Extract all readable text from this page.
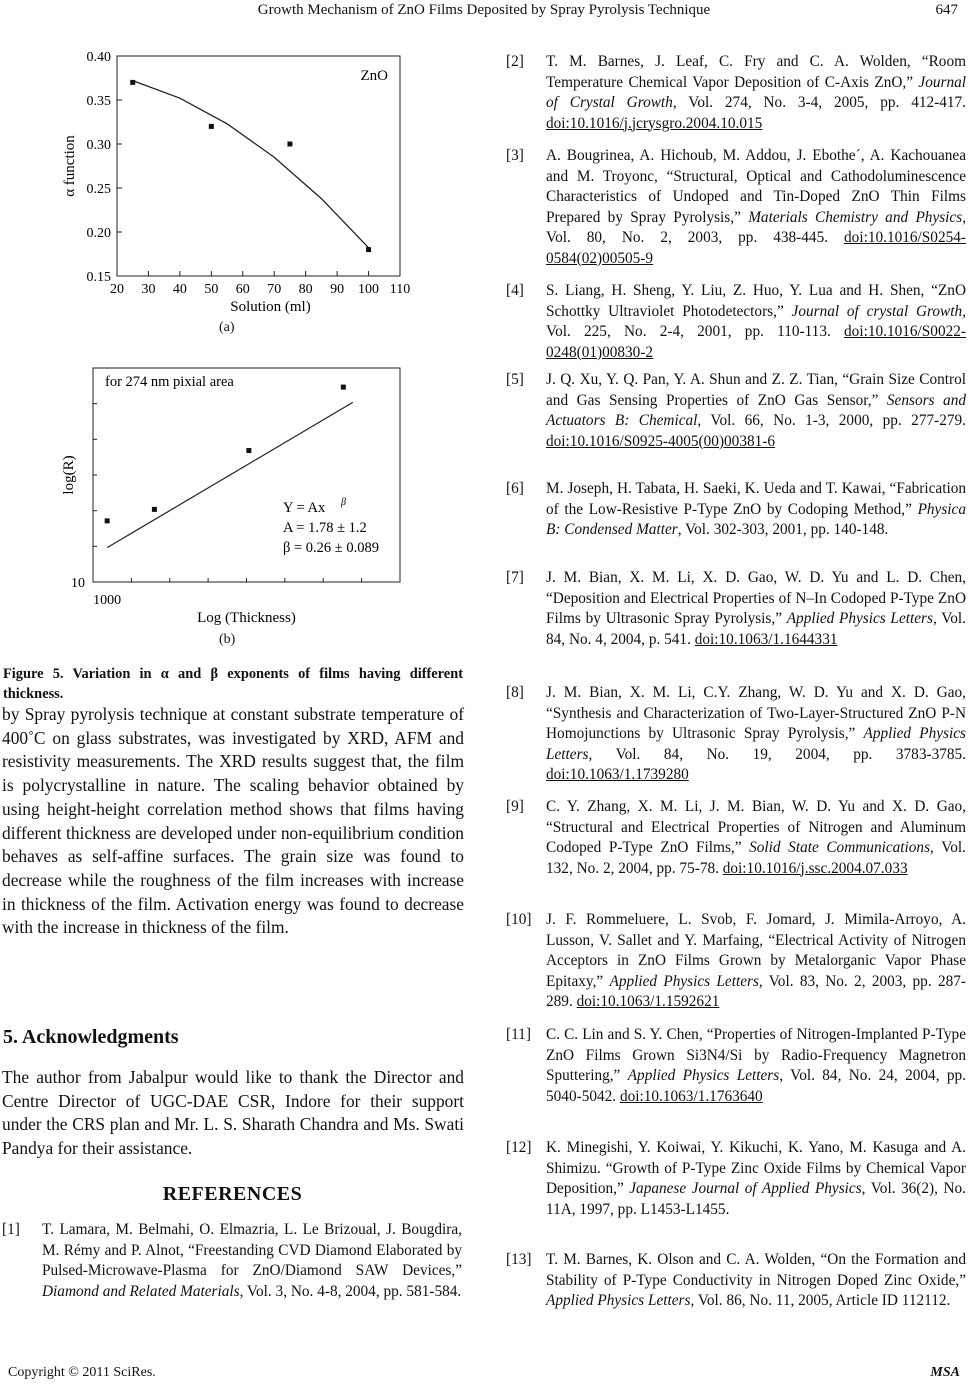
Growth Mechanism of ZnO Films Deposited by Spray Pyrolysis Technique	647
0.15
0.20
0.25
0.30
0.35
0.40
20 30 40 50 60 70 80 90 100 110
Solution (ml)
α function
ZnO
(a)
10
1000
Log (Thickness)
log(R)
for 274 nm pixial area
Y = Ax β
A = 1.78 ± 1.2
β = 0.26 ± 0.089
(b)
Figure 5. Variation in α and β exponents of films having different thickness.

by Spray pyrolysis technique at constant substrate temperature of 400˚C on glass substrates, was investigated by XRD, AFM and resistivity measurements. The XRD results suggest that, the film is polycrystalline in nature. The scaling behavior obtained by using height-height correlation method shows that films having different thickness are developed under non-equilibrium condition behaves as self-affine surfaces. The grain size was found to decrease while the roughness of the film increases with increase in thickness of the film. Activation energy was found to decrease with the increase in thickness of the film.

5. Acknowledgments
The author from Jabalpur would like to thank the Director and Centre Director of UGC-DAE CSR, Indore for their support under the CRS plan and Mr. L. S. Sharath Chandra and Ms. Swati Pandya for their assistance.
REFERENCES
[1] T. Lamara, M. Belmahi, O. Elmazria, L. Le Brizoual, J. Bougdira, M. Rémy and P. Alnot, “Freestanding CVD Diamond Elaborated by Pulsed-Microwave-Plasma for ZnO/Diamond SAW Devices,” Diamond and Related Materials, Vol. 3, No. 4-8, 2004, pp. 581-584.
[2] T. M. Barnes, J. Leaf, C. Fry and C. A. Wolden, “Room Temperature Chemical Vapor Deposition of C-Axis ZnO,” Journal of Crystal Growth, Vol. 274, No. 3-4, 2005, pp. 412-417. doi:10.1016/j.jcrysgro.2004.10.015
[3] A. Bougrinea, A. Hichoub, M. Addou, J. Ebothe´, A. Kachouanea and M. Troyonc, “Structural, Optical and Cathodoluminescence Characteristics of Undoped and Tin-Doped ZnO Thin Films Prepared by Spray Pyrolysis,” Materials Chemistry and Physics, Vol. 80, No. 2, 2003, pp. 438-445. doi:10.1016/S0254-0584(02)00505-9
[4] S. Liang, H. Sheng, Y. Liu, Z. Huo, Y. Lua and H. Shen, “ZnO Schottky Ultraviolet Photodetectors,” Journal of crystal Growth, Vol. 225, No. 2-4, 2001, pp. 110-113. doi:10.1016/S0022-0248(01)00830-2
[5] J. Q. Xu, Y. Q. Pan, Y. A. Shun and Z. Z. Tian, “Grain Size Control and Gas Sensing Properties of ZnO Gas Sensor,” Sensors and Actuators B: Chemical, Vol. 66, No. 1-3, 2000, pp. 277-279. doi:10.1016/S0925-4005(00)00381-6
[6] M. Joseph, H. Tabata, H. Saeki, K. Ueda and T. Kawai, “Fabrication of the Low-Resistive P-Type ZnO by Codoping Method,” Physica B: Condensed Matter, Vol. 302-303, 2001, pp. 140-148.
[7] J. M. Bian, X. M. Li, X. D. Gao, W. D. Yu and L. D. Chen, “Deposition and Electrical Properties of N–In Codoped P-Type ZnO Films by Ultrasonic Spray Pyrolysis,” Applied Physics Letters, Vol. 84, No. 4, 2004, p. 541. doi:10.1063/1.1644331
[8] J. M. Bian, X. M. Li, C.Y. Zhang, W. D. Yu and X. D. Gao, “Synthesis and Characterization of Two-Layer-Structured ZnO P-N Homojunctions by Ultrasonic Spray Pyrolysis,” Applied Physics Letters, Vol. 84, No. 19, 2004, pp. 3783-3785. doi:10.1063/1.1739280
[9] C. Y. Zhang, X. M. Li, J. M. Bian, W. D. Yu and X. D. Gao, “Structural and Electrical Properties of Nitrogen and Aluminum Codoped P-Type ZnO Films,” Solid State Communications, Vol. 132, No. 2, 2004, pp. 75-78. doi:10.1016/j.ssc.2004.07.033
[10] J. F. Rommeluere, L. Svob, F. Jomard, J. Mimila-Arroyo, A. Lusson, V. Sallet and Y. Marfaing, “Electrical Activity of Nitrogen Acceptors in ZnO Films Grown by Metalorganic Vapor Phase Epitaxy,” Applied Physics Letters, Vol. 83, No. 2, 2003, pp. 287-289. doi:10.1063/1.1592621
[11] C. C. Lin and S. Y. Chen, “Properties of Nitrogen-Implanted P-Type ZnO Films Grown Si3N4/Si by Radio-Frequency Magnetron Sputtering,” Applied Physics Letters, Vol. 84, No. 24, 2004, pp. 5040-5042. doi:10.1063/1.1763640
[12] K. Minegishi, Y. Koiwai, Y. Kikuchi, K. Yano, M. Kasuga and A. Shimizu. “Growth of P-Type Zinc Oxide Films by Chemical Vapor Deposition,” Japanese Journal of Applied Physics, Vol. 36(2), No. 11A, 1997, pp. L1453-L1455.
[13] T. M. Barnes, K. Olson and C. A. Wolden, “On the Formation and Stability of P-Type Conductivity in Nitrogen Doped Zinc Oxide,” Applied Physics Letters, Vol. 86, No. 11, 2005, Article ID 112112.
Copyright © 2011 SciRes.	MSA
